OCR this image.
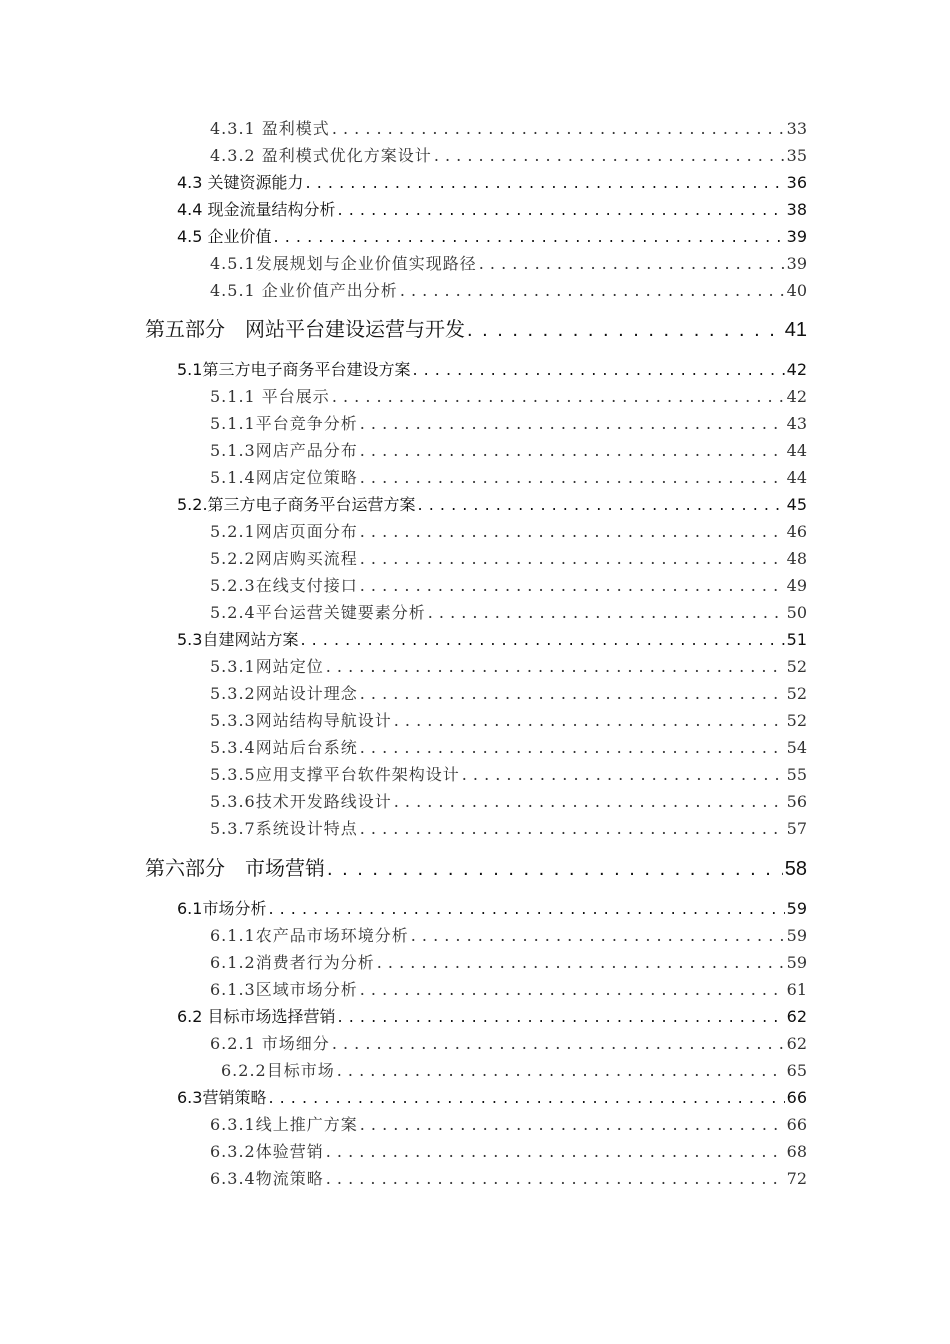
4.3.1 盈利模式 . . .	33
4.3.2 盈利模式优化方案设计 . . .	35
4.3 关键资源能力 . . .	36
4.4 现金流量结构分析 . . .	38
4.5 企业价值 . . .	39
4.5.1发展规划与企业价值实现路径 . . .	39
4.5.1 企业价值产出分析 . . .	40
第五部分　网站平台建设运营与开发 . . .	41
5.1第三方电子商务平台建设方案 . . .	42
5.1.1 平台展示 . . .	42
5.1.1平台竞争分析 . . .	43
5.1.3网店产品分布 . . .	44
5.1.4网店定位策略 . . .	44
5.2.第三方电子商务平台运营方案 . . .	45
5.2.1网店页面分布 . . .	46
5.2.2网店购买流程 . . .	48
5.2.3在线支付接口 . . .	49
5.2.4平台运营关键要素分析 . . .	50
5.3自建网站方案 . . .	51
5.3.1网站定位 . . .	52
5.3.2网站设计理念 . . .	52
5.3.3网站结构导航设计 . . .	52
5.3.4网站后台系统 . . .	54
5.3.5应用支撑平台软件架构设计 . . .	55
5.3.6技术开发路线设计 . . .	56
5.3.7系统设计特点 . . .	57
第六部分　市场营销 . . .	58
6.1市场分析 . . .	59
6.1.1农产品市场环境分析 . . .	59
6.1.2消费者行为分析 . . .	59
6.1.3区域市场分析 . . .	61
6.2 目标市场选择营销 . . .	62
6.2.1 市场细分 . . .	62
6.2.2目标市场 . . .	65
6.3营销策略 . . .	66
6.3.1线上推广方案 . . .	66
6.3.2体验营销 . . .	68
6.3.4物流策略 . . .	72
